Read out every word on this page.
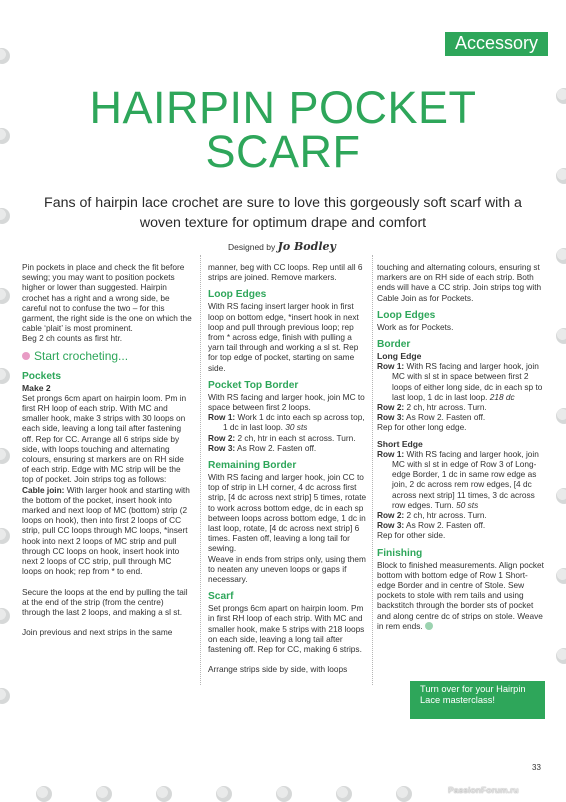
Accessory
HAIRPIN POCKET
SCARF
Fans of hairpin lace crochet are sure to love this gorgeously soft scarf with a woven texture for optimum drape and comfort
Designed by Jo Bodley

Pin pockets in place and check the fit before sewing; you may want to position pockets higher or lower than suggested. Hairpin crochet has a right and a wrong side, be careful not to confuse the two – for this garment, the right side is the one on which the cable ‘plait’ is most prominent.

Beg 2 ch counts as first htr.

Start crocheting...

Pockets

Make 2

Set prongs 6cm apart on hairpin loom. Pm in first RH loop of each strip. With MC and smaller hook, make 3 strips with 30 loops on each side, leaving a long tail after fastening off. Rep for CC. Arrange all 6 strips side by side, with loops touching and alternating colours, ensuring st markers are on RH side of each strip. Edge with MC strip will be the top of pocket. Join strips tog as follows:

Cable join: With larger hook and starting with the bottom of the pocket, insert hook into marked and next loop of MC (bottom) strip (2 loops on hook), then into first 2 loops of CC strip, pull CC loops through MC loops, *insert hook into next 2 loops of MC strip and pull through CC loops on hook, insert hook into next 2 loops of CC strip, pull through MC loops on hook; rep from * to end.

Secure the loops at the end by pulling the tail at the end of the strip (from the centre) through the last 2 loops, and making a sl st.

Join previous and next strips in the same

manner, beg with CC loops. Rep until all 6 strips are joined. Remove markers.

Loop Edges

With RS facing insert larger hook in first loop on bottom edge, *insert hook in next loop and pull through previous loop; rep from * across edge, finish with pulling a yarn tail through and working a sl st. Rep for top edge of pocket, starting on same side.

Pocket Top Border

With RS facing and larger hook, join MC to space between first 2 loops.

Row 1: Work 1 dc into each sp across top, 1 dc in last loop. 30 sts

Row 2: 2 ch, htr in each st across. Turn.

Row 3: As Row 2. Fasten off.

Remaining Border

With RS facing and larger hook, join CC to top of strip in LH corner, 4 dc across first strip, [4 dc across next strip] 5 times, rotate to work across bottom edge, dc in each sp between loops across bottom edge, 1 dc in last loop, rotate, [4 dc across next strip] 6 times. Fasten off, leaving a long tail for sewing.

Weave in ends from strips only, using them to neaten any uneven loops or gaps if necessary.

Scarf

Set prongs 6cm apart on hairpin loom. Pm in first RH loop of each strip. With MC and smaller hook, make 5 strips with 218 loops on each side, leaving a long tail after fastening off. Rep for CC, making 6 strips.

Arrange strips side by side, with loops

touching and alternating colours, ensuring st markers are on RH side of each strip. Both ends will have a CC strip. Join strips tog with Cable Join as for Pockets.

Loop Edges

Work as for Pockets.

Border

Long Edge

Row 1: With RS facing and larger hook, join MC with sl st in space between first 2 loops of either long side, dc in each sp to last loop, 1 dc in last loop. 218 dc

Row 2: 2 ch, htr across. Turn.

Row 3: As Row 2. Fasten off.

Rep for other long edge.

Short Edge

Row 1: With RS facing and larger hook, join MC with sl st in edge of Row 3 of Long-edge Border, 1 dc in same row edge as join, 2 dc across rem row edges, [4 dc across next strip] 11 times, 3 dc across row edges. Turn. 50 sts

Row 2: 2 ch, htr across. Turn.

Row 3: As Row 2. Fasten off.

Rep for other side.

Finishing

Block to finished measurements. Align pocket bottom with bottom edge of Row 1 Short-edge Border and in centre of Stole. Sew pockets to stole with rem tails and using backstitch through the border sts of pocket and along centre dc of strips on stole. Weave in rem ends.

Turn over for your Hairpin Lace masterclass!
33
PassionForum.ru
